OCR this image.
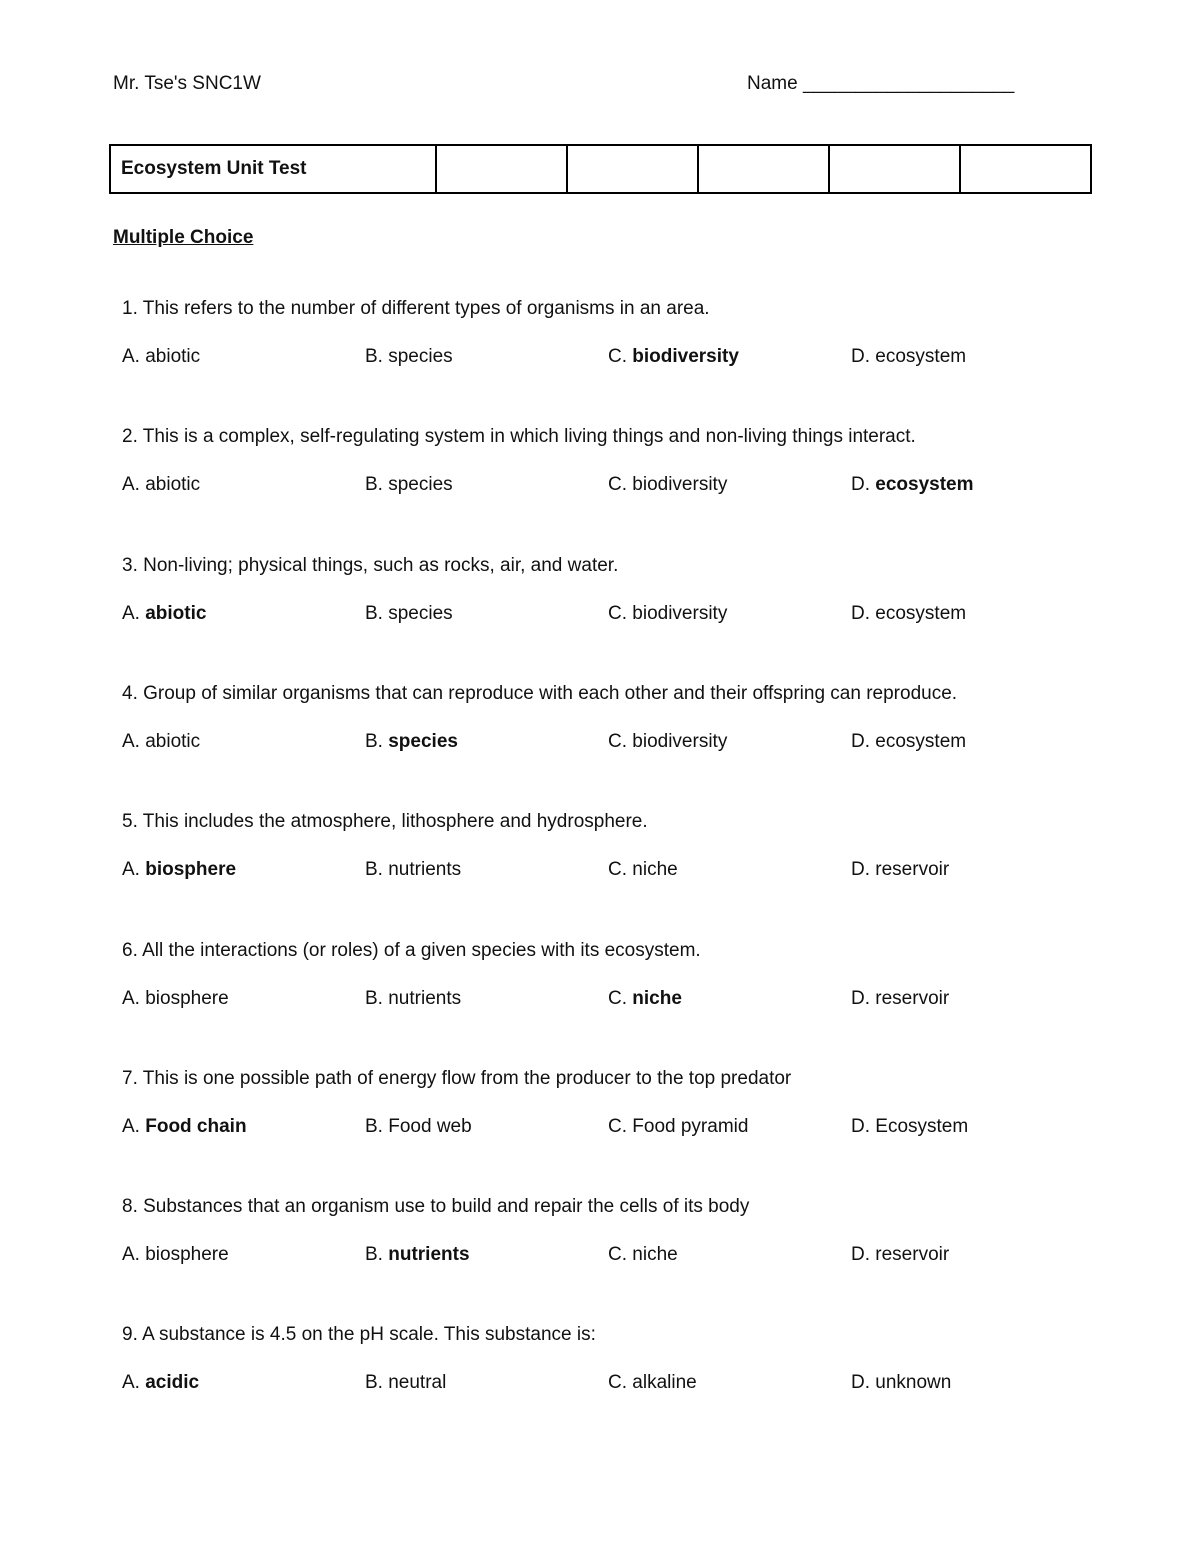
Mr. Tse's SNC1W	Name ____________________
Ecosystem Unit Test					
Multiple Choice
1. This refers to the number of different types of organisms in an area.
A. abiotic	B. species	C. biodiversity	D. ecosystem
2. This is a complex, self-regulating system in which living things and non-living things interact.
A. abiotic	B. species	C. biodiversity	D. ecosystem
3. Non-living; physical things, such as rocks, air, and water.
A. abiotic	B. species	C. biodiversity	D. ecosystem
4. Group of similar organisms that can reproduce with each other and their offspring can reproduce.
A. abiotic	B. species	C. biodiversity	D. ecosystem
5. This includes the atmosphere, lithosphere and hydrosphere.
A. biosphere	B. nutrients	C. niche	D. reservoir
6. All the interactions (or roles) of a given species with its ecosystem.
A. biosphere	B. nutrients	C. niche	D. reservoir
7. This is one possible path of energy flow from the producer to the top predator
A. Food chain	B. Food web	C. Food pyramid	D. Ecosystem
8. Substances that an organism use to build and repair the cells of its body
A. biosphere	B. nutrients	C. niche	D. reservoir
9. A substance is 4.5 on the pH scale. This substance is:
A. acidic	B. neutral	C. alkaline	D. unknown
